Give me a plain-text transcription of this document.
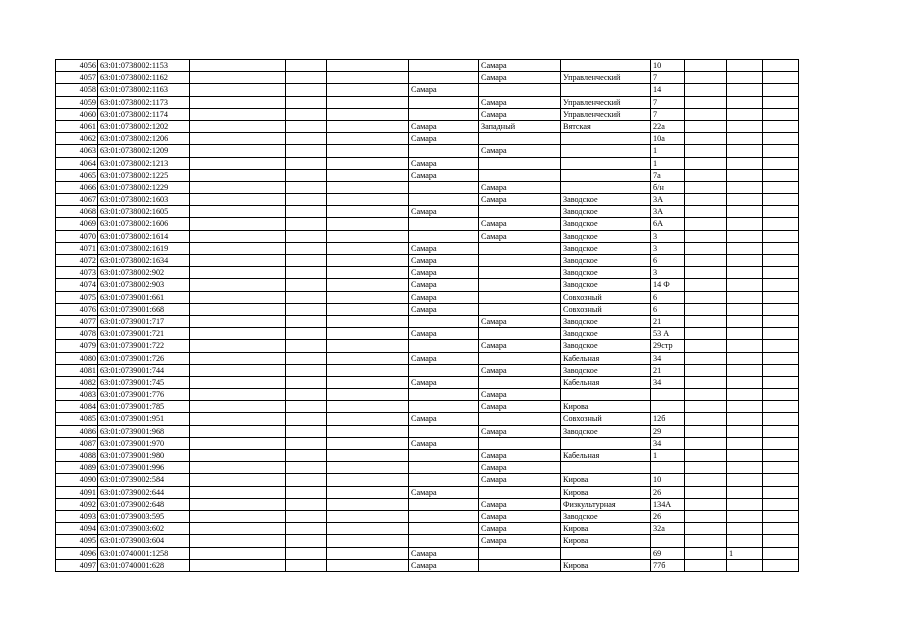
4056	63:01:0738002:1153					Самара		10			
4057	63:01:0738002:1162					Самара	Управленческий	7			
4058	63:01:0738002:1163				Самара			14			
4059	63:01:0738002:1173					Самара	Управленческий	7			
4060	63:01:0738002:1174					Самара	Управленческий	7			
4061	63:01:0738002:1202				Самара	Западный	Вятская	22а			
4062	63:01:0738002:1206				Самара			10а			
4063	63:01:0738002:1209					Самара		1			
4064	63:01:0738002:1213				Самара			1			
4065	63:01:0738002:1225				Самара			7а			
4066	63:01:0738002:1229					Самара		б/н			
4067	63:01:0738002:1603					Самара	Заводское	3А			
4068	63:01:0738002:1605				Самара		Заводское	3А			
4069	63:01:0738002:1606					Самара	Заводское	6А			
4070	63:01:0738002:1614					Самара	Заводское	3			
4071	63:01:0738002:1619				Самара		Заводское	3			
4072	63:01:0738002:1634				Самара		Заводское	6			
4073	63:01:0738002:902				Самара		Заводское	3			
4074	63:01:0738002:903				Самара		Заводское	14 Ф			
4075	63:01:0739001:661				Самара		Совхозный	6			
4076	63:01:0739001:668				Самара		Совхозный	6			
4077	63:01:0739001:717					Самара	Заводское	21			
4078	63:01:0739001:721				Самара		Заводское	53 А			
4079	63:01:0739001:722					Самара	Заводское	29стр			
4080	63:01:0739001:726				Самара		Кабельная	34			
4081	63:01:0739001:744					Самара	Заводское	21			
4082	63:01:0739001:745				Самара		Кабельная	34			
4083	63:01:0739001:776					Самара					
4084	63:01:0739001:785					Самара	Кирова				
4085	63:01:0739001:951				Самара		Совхозный	12б			
4086	63:01:0739001:968					Самара	Заводское	29			
4087	63:01:0739001:970				Самара			34			
4088	63:01:0739001:980					Самара	Кабельная	1			
4089	63:01:0739001:996					Самара					
4090	63:01:0739002:584					Самара	Кирова	10			
4091	63:01:0739002:644				Самара		Кирова	26			
4092	63:01:0739002:648					Самара	Физкультурная	134А			
4093	63:01:0739003:595					Самара	Заводское	26			
4094	63:01:0739003:602					Самара	Кирова	32а			
4095	63:01:0739003:604					Самара	Кирова				
4096	63:01:0740001:1258				Самара			69		1	
4097	63:01:0740001:628				Самара		Кирова	77б			
